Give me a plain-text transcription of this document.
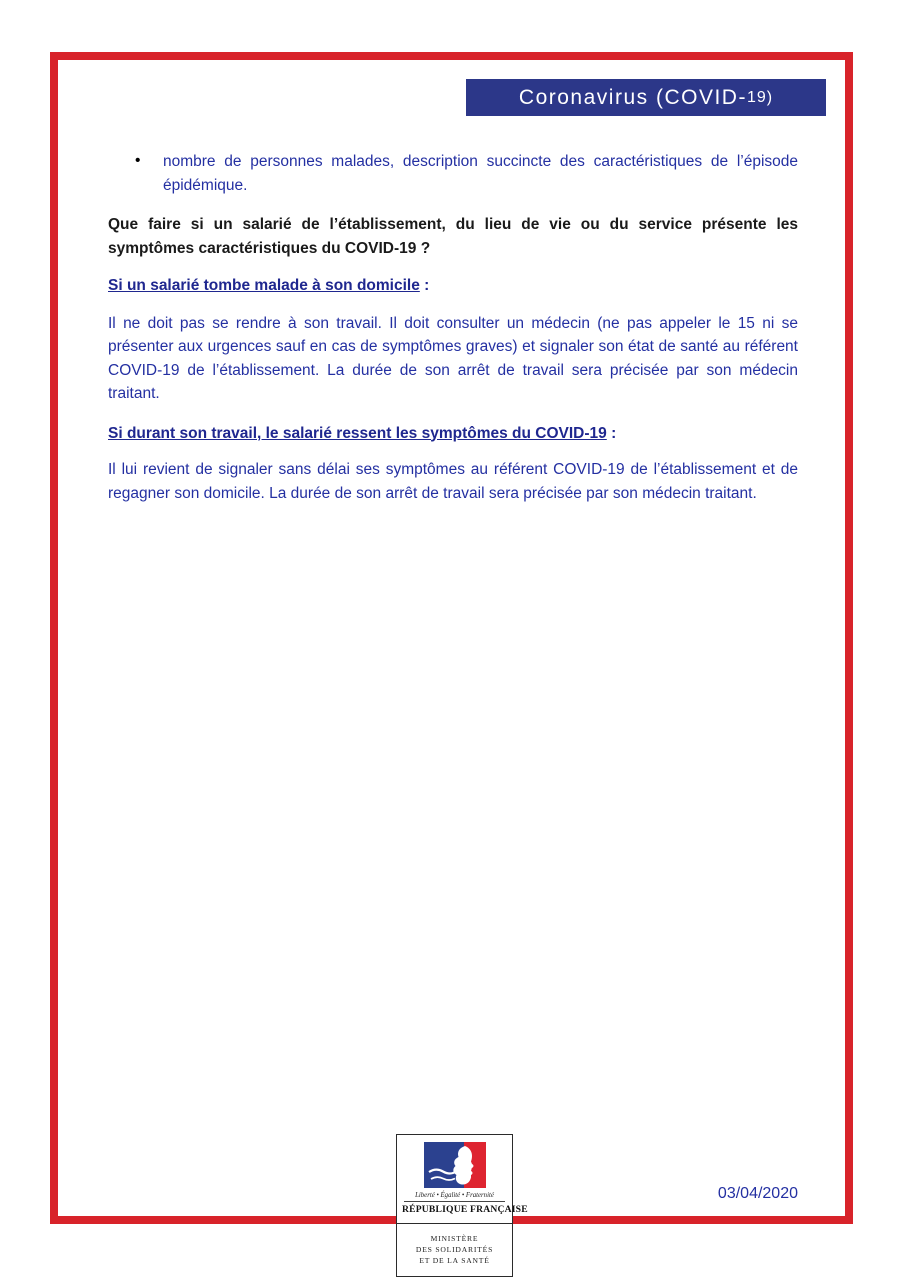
Coronavirus (COVID- 19)
•
nombre de personnes malades, description succincte des caractéristiques de l’épisode épidémique.
Que faire si un salarié de l’établissement, du lieu de vie ou du service présente les symptômes caractéristiques du COVID-19 ?
Si un salarié tombe malade à son domicile :
Il ne doit pas se rendre à son travail. Il doit consulter un médecin (ne pas appeler le 15 ni se présenter aux urgences sauf en cas de symptômes graves) et signaler son état de santé au référent COVID-19 de l’établissement. La durée de son arrêt de travail sera précisée par son médecin traitant.
Si durant son travail, le salarié ressent les symptômes du COVID-19 :
Il lui revient de signaler sans délai ses symptômes au référent COVID-19 de l’établissement et de regagner son domicile. La durée de son arrêt de travail sera précisée par son médecin traitant.
Liberté • Égalité • Fraternité
RÉPUBLIQUE FRANÇAISE
MINISTÈRE
DES SOLIDARITÉS
ET DE LA SANTÉ
03/04/2020
